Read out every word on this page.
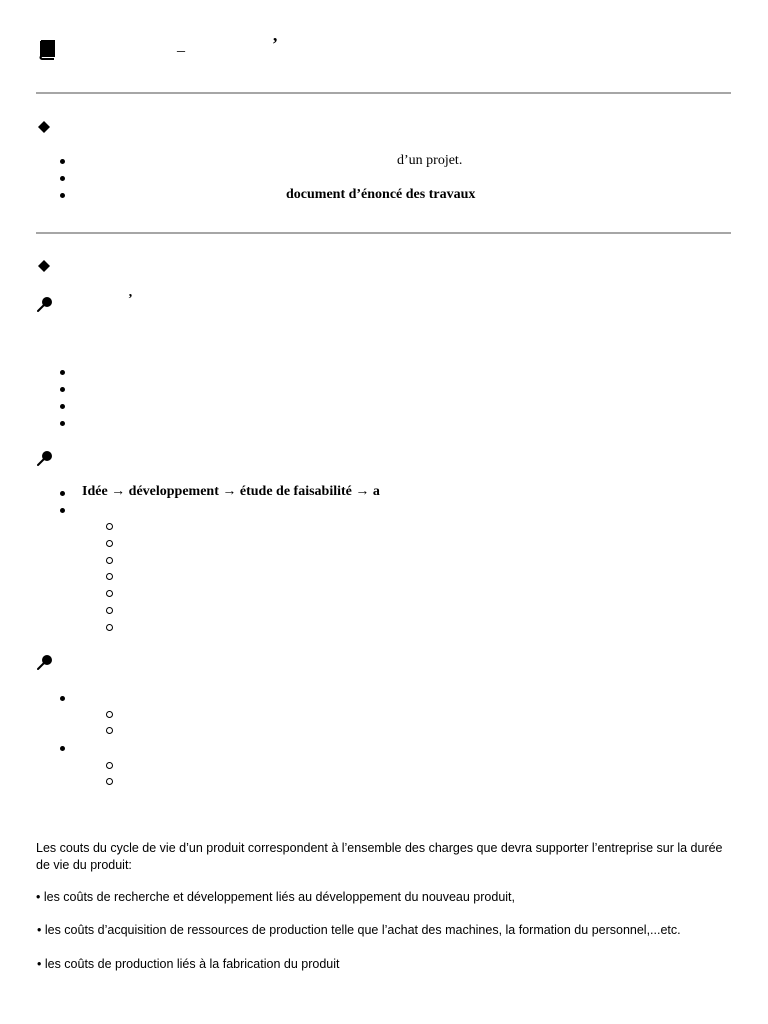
_	’
d’un projet.
document d’énoncé des travaux
’
Idée → développement → étude de faisabilité → a
Les couts du cycle de vie d’un produit correspondent à l’ensemble des charges que devra supporter l’entreprise sur la durée de vie du produit:
• les coûts de recherche et développement liés au développement du nouveau produit,
• les coûts d’acquisition de ressources de production telle que l’achat des machines, la formation du personnel,...etc.
• les coûts de production liés à la fabrication du produit
